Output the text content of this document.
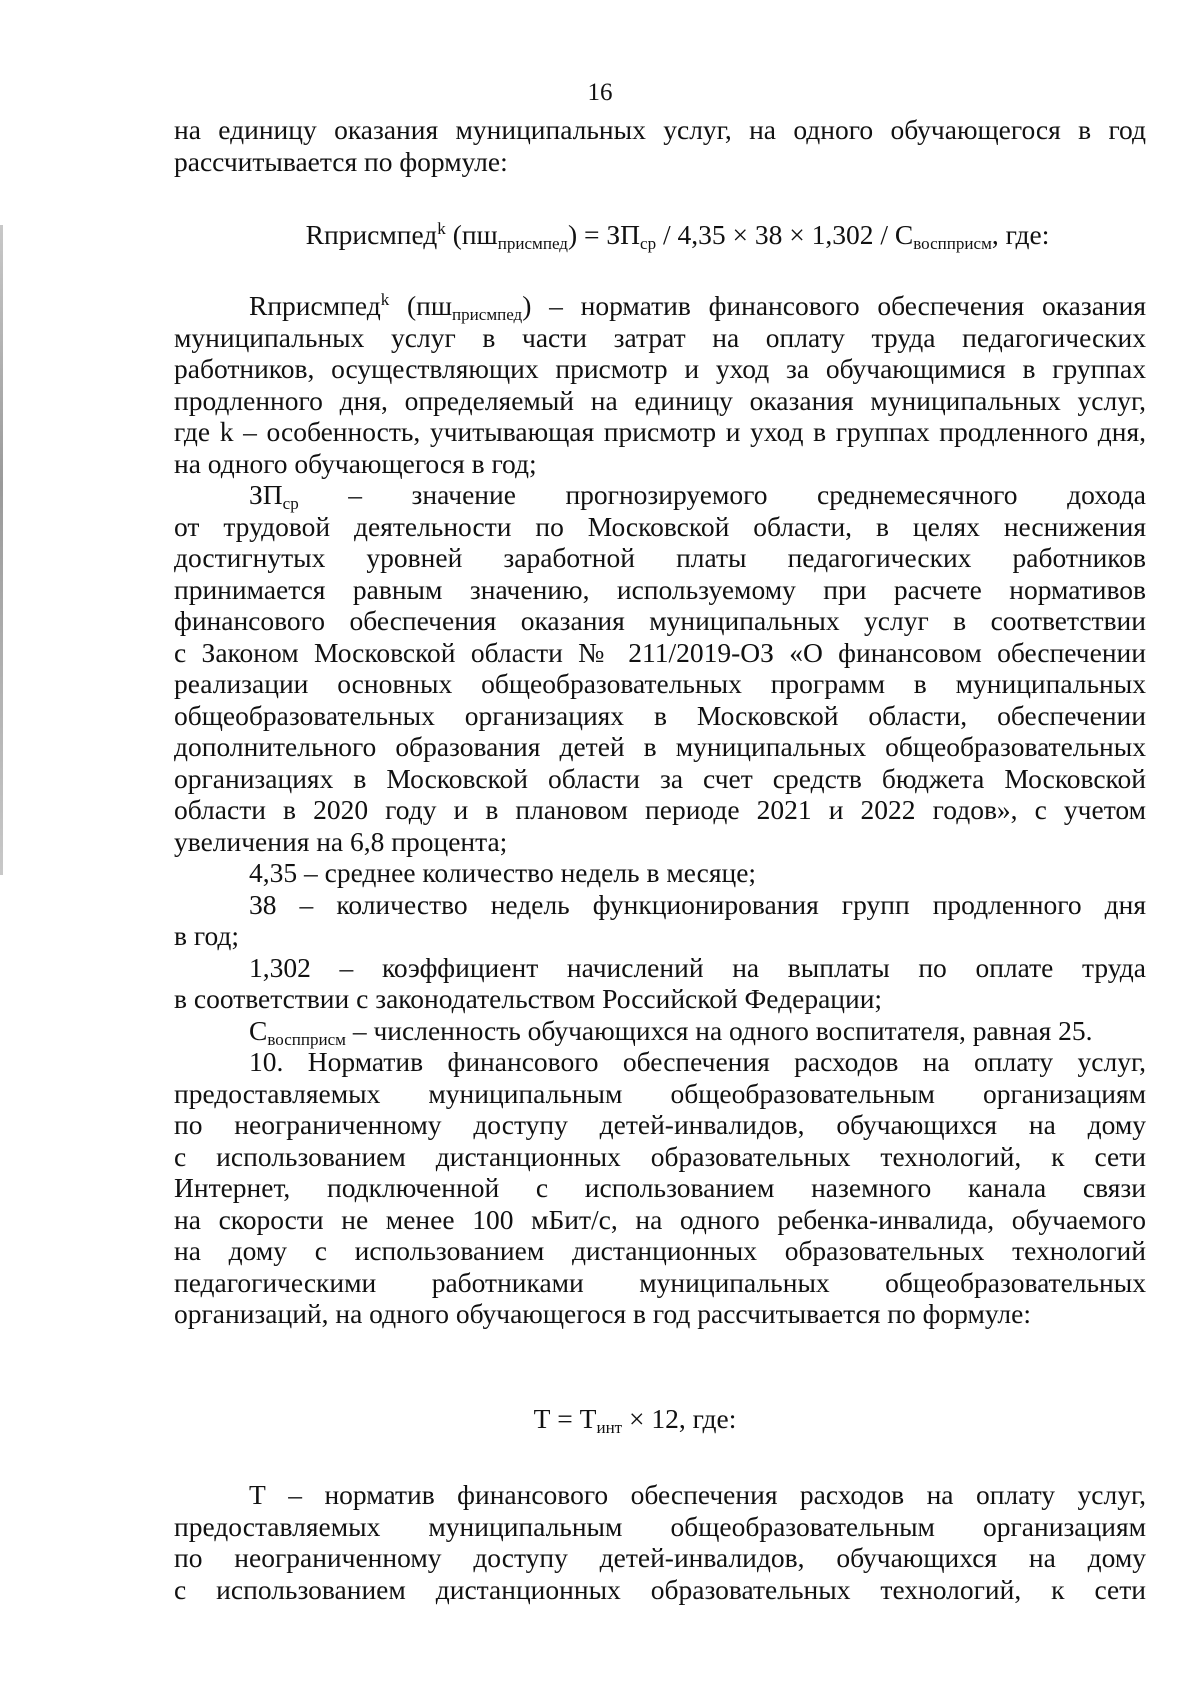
16
на единицу оказания муниципальных услуг, на одного обучающегося в год
рассчитывается по формуле:
Rприсмпед$^k$ $(пш_{присмпед}) = ЗП_{ср} / 4,35 \times 38 \times 1,302 / С_{воспприсм}$, где:
Rприсмпед$^k$ $(пш_{присмпед})$ – норматив финансового обеспечения оказания
муниципальных услуг в части затрат на оплату труда педагогических
работников, осуществляющих присмотр и уход за обучающимися в группах
продленного дня, определяемый на единицу оказания муниципальных услуг,
где k – особенность, учитывающая присмотр и уход в группах продленного дня,
на одного обучающегося в год;
$ЗП_{ср}$ – значение прогнозируемого среднемесячного дохода
от трудовой деятельности по Московской области, в целях неснижения
достигнутых уровней заработной платы педагогических работников
принимается равным значению, используемому при расчете нормативов
финансового обеспечения оказания муниципальных услуг в соответствии
с Законом Московской области № 211/2019-ОЗ «О финансовом обеспечении
реализации основных общеобразовательных программ в муниципальных
общеобразовательных организациях в Московской области, обеспечении
дополнительного образования детей в муниципальных общеобразовательных
организациях в Московской области за счет средств бюджета Московской
области в 2020 году и в плановом периоде 2021 и 2022 годов», с учетом
увеличения на 6,8 процента;
4,35 – среднее количество недель в месяце;
38 – количество недель функционирования групп продленного дня
в год;
1,302 – коэффициент начислений на выплаты по оплате труда
в соответствии с законодательством Российской Федерации;
$С_{воспприсм}$ – численность обучающихся на одного воспитателя, равная 25.
10. Норматив финансового обеспечения расходов на оплату услуг,
предоставляемых муниципальным общеобразовательным организациям
по неограниченному доступу детей-инвалидов, обучающихся на дому
с использованием дистанционных образовательных технологий, к сети
Интернет, подключенной с использованием наземного канала связи
на скорости не менее 100 мБит/с, на одного ребенка-инвалида, обучаемого
на дому с использованием дистанционных образовательных технологий
педагогическими работниками муниципальных общеобразовательных
организаций, на одного обучающегося в год рассчитывается по формуле:
$Т = Т_{инт} \times 12$, где:
Т – норматив финансового обеспечения расходов на оплату услуг,
предоставляемых муниципальным общеобразовательным организациям
по неограниченному доступу детей-инвалидов, обучающихся на дому
с использованием дистанционных образовательных технологий, к сети
